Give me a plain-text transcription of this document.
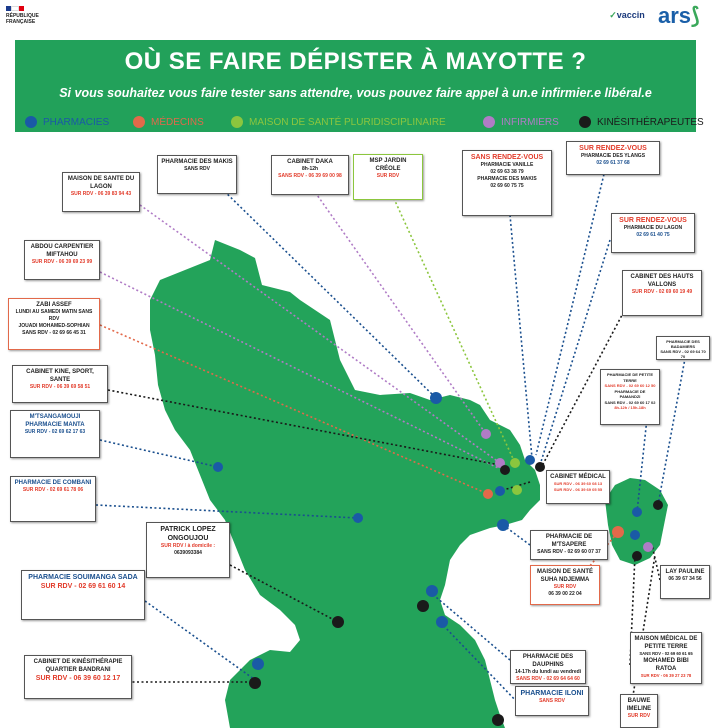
RÉPUBLIQUE FRANÇAISE
✓vaccin ars⟆
OÙ SE FAIRE DÉPISTER À MAYOTTE ?
Si vous souhaitez vous faire tester sans attendre, vous pouvez faire appel à un.e infirmier.e libéral.e
PHARMACIES	MÉDECINS	MAISON DE SANTÉ PLURIDISCIPLINAIRE	INFIRMIERS	KINÉSITHÉRAPEUTES
MAISON DE SANTE DU LAGON
SUR RDV - 06 39 83 94 43
PHARMACIE DES MAKIS
SANS RDV
CABINET DAKA
8h-12h
SANS RDV - 06 39 69 00 98
MSP JARDIN CRÉOLE
SUR RDV
SANS RENDEZ-VOUS
PHARMACIE VANILLE
02 69 63 38 79
PHARMACIE DES MAKIS
02 69 60 75 75
SUR RENDEZ-VOUS
PHARMACIE DES YLANGS
02 69 61 37 68
SUR RENDEZ-VOUS
PHARMACIE DU LAGON
02 69 61 40 75
CABINET DES HAUTS VALLONS
SUR RDV - 02 69 60 19 49
ABDOU CARPENTIER MIFTAHOU
SUR RDV - 06 39 69 23 99
ZABI ASSEF
LUNDI AU SAMEDI MATIN SANS RDV
JOUADI MOHAMED-SOPHIAN
SANS RDV - 02 69 66 45 31
PHARMACIE DES BADAMIERS
SANS RDV - 02 69 64 70 70
CABINET KINE, SPORT, SANTE
SUR RDV - 06 39 69 58 51
PHARMACIE DE PETITE TERRE
SANS RDV - 02 69 60 12 50
PHARMACIE DE PAMANDZI
SANS RDV - 02 69 60 17 02
8h-12h / 15h-18h
M'TSANGAMOUJI
PHARMACIE MANTA
SUR RDV - 02 69 62 17 63
CABINET MÉDICAL
SUR RDV - 06 39 60 08 13
SUR RDV - 06 39 69 05 55
PHARMACIE DE COMBANI
SUR RDV - 02 69 61 78 06
PATRICK LOPEZ ONGOUJOU
SUR RDV / à domicile :
0639093384
PHARMACIE DE M'TSAPERE
SANS RDV - 02 69 60 07 37
MAISON DE SANTÉ SUHA NDJEMMA
SUR RDV
06 39 00 22 04
LAY PAULINE
06 39 67 34 56
PHARMACIE SOUIMANGA SADA
SUR RDV - 02 69 61 60 14
PHARMACIE DES DAUPHINS
14-17h du lundi au vendredi
SANS RDV - 02 69 64 64 60
MAISON MÉDICAL DE PETITE TERRE
SANS RDV - 02 69 60 61 65
MOHAMED BIBI RATOA
SUR RDV - 06 39 27 23 78
CABINET DE KINÉSITHÉRAPIE QUARTIER BANDRANI
SUR RDV - 06 39 60 12 17
PHARMACIE ILONI
SANS RDV	BAUWE IMELINE
SUR RDV
